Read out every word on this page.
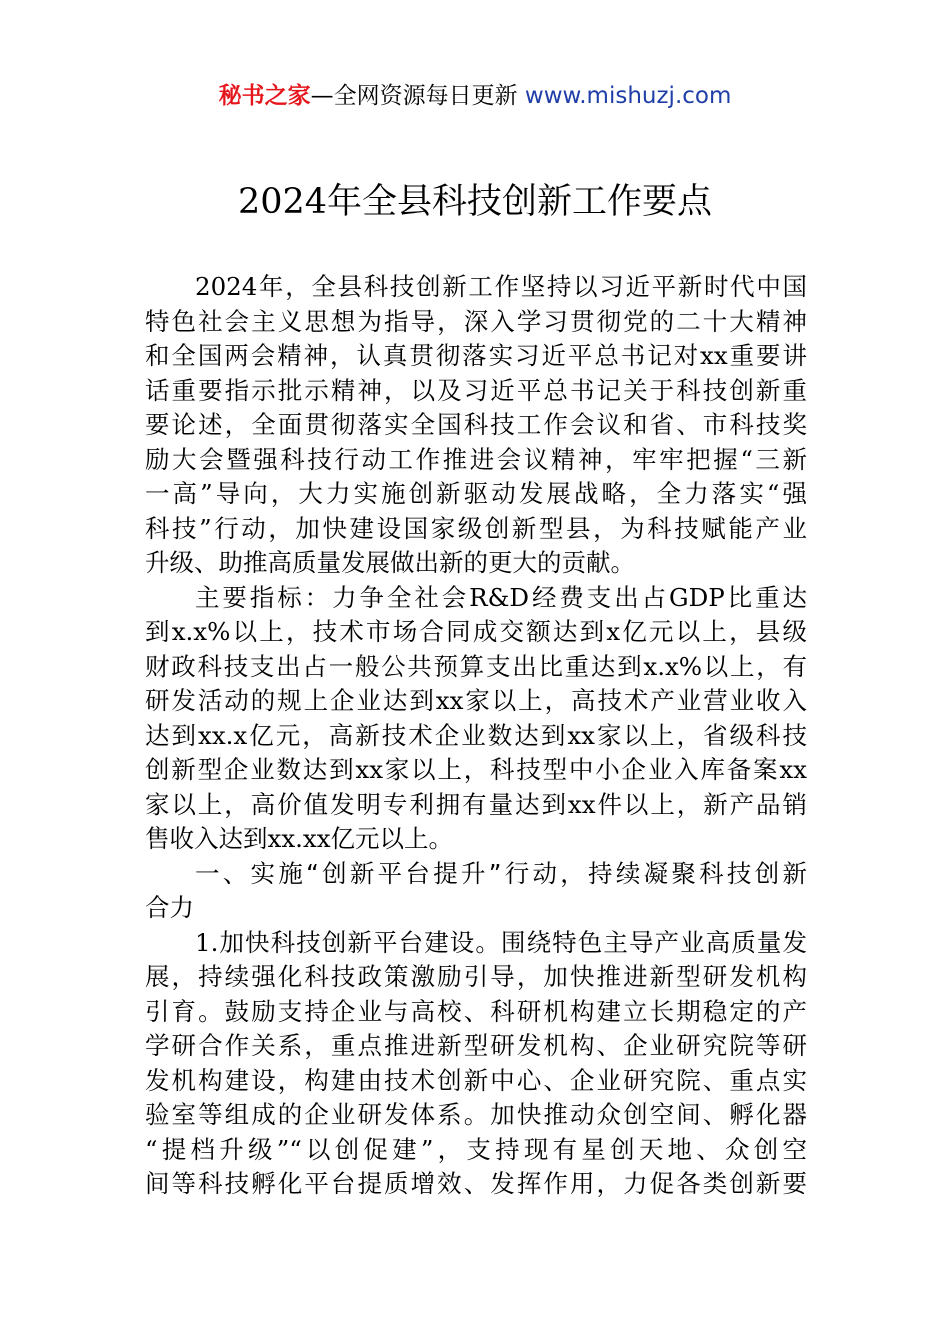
秘书之家—全网资源每日更新 www.mishuzj.com
2024年全县科技创新工作要点
2024年，全县科技创新工作坚持以习近平新时代中国
特色社会主义思想为指导，深入学习贯彻党的二十大精神
和全国两会精神，认真贯彻落实习近平总书记对xx重要讲
话重要指示批示精神，以及习近平总书记关于科技创新重
要论述，全面贯彻落实全国科技工作会议和省、市科技奖
励大会暨强科技行动工作推进会议精神，牢牢把握“三新
一高”导向，大力实施创新驱动发展战略，全力落实“强
科技”行动，加快建设国家级创新型县，为科技赋能产业
升级、助推高质量发展做出新的更大的贡献。
主要指标：力争全社会R&D经费支出占GDP比重达
到x.x%以上，技术市场合同成交额达到x亿元以上，县级
财政科技支出占一般公共预算支出比重达到x.x%以上，有
研发活动的规上企业达到xx家以上，高技术产业营业收入
达到xx.x亿元，高新技术企业数达到xx家以上，省级科技
创新型企业数达到xx家以上，科技型中小企业入库备案xx
家以上，高价值发明专利拥有量达到xx件以上，新产品销
售收入达到xx.xx亿元以上。
一、实施“创新平台提升”行动，持续凝聚科技创新
合力
1.加快科技创新平台建设。围绕特色主导产业高质量发
展，持续强化科技政策激励引导，加快推进新型研发机构
引育。鼓励支持企业与高校、科研机构建立长期稳定的产
学研合作关系，重点推进新型研发机构、企业研究院等研
发机构建设，构建由技术创新中心、企业研究院、重点实
验室等组成的企业研发体系。加快推动众创空间、孵化器
“提档升级”“以创促建”，支持现有星创天地、众创空
间等科技孵化平台提质增效、发挥作用，力促各类创新要
